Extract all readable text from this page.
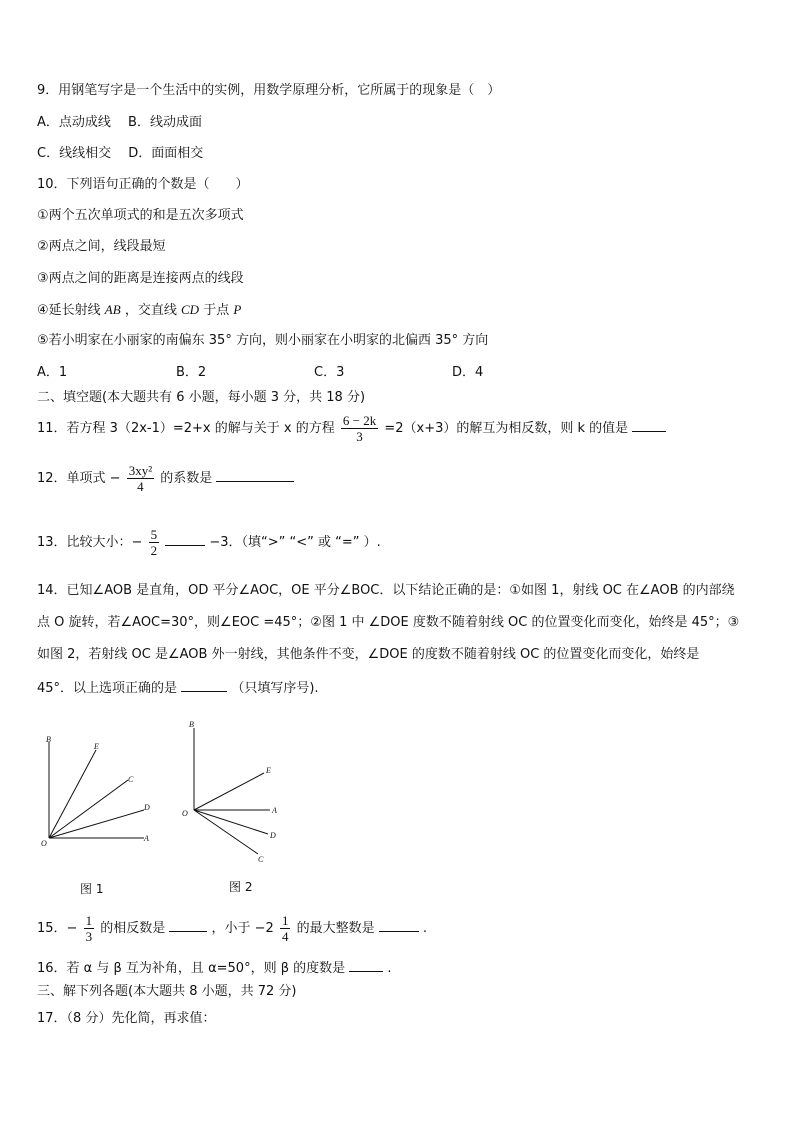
9．用钢笔写字是一个生活中的实例，用数学原理分析，它所属于的现象是（　）
A．点动成线　 B．线动成面
C．线线相交　 D．面面相交
10．下列语句正确的个数是（　　）
①两个五次单项式的和是五次多项式
②两点之间，线段最短
③两点之间的距离是连接两点的线段
④延长射线 AB ，交直线 CD 于点 P
⑤若小明家在小丽家的南偏东 35° 方向，则小丽家在小明家的北偏西 35° 方向
A．1	B．2	C．3	D．4
二、填空题(本大题共有 6 小题，每小题 3 分，共 18 分)
11．若方程 3（2x-1）=2+x 的解与关于 x 的方程 $\frac{6 - 2k}{3} =2(x+3)$的解互为相反数，则 k 的值是
12．单项式 − $\frac{\text{3xy²}}{4}$ 的系数是
13．比较大小：− $\frac{5}{2}$	−3．（填“>” “<” 或 “=” ）.
14．已知∠AOB 是直角，OD 平分∠AOC，OE 平分∠BOC．以下结论正确的是：①如图 1，射线 OC 在∠AOB 的内部绕
点 O 旋转，若∠AOC=30°，则∠EOC =45°；②图 1 中 ∠DOE 度数不随着射线 OC 的位置变化而变化，始终是 45°；③
如图 2，若射线 OC 是∠AOB 外一射线，其他条件不变，∠DOE 的度数不随着射线 OC 的位置变化而变化，始终是
45°．以上选项正确的是	（只填写序号).
B
E
C
D
A
O
图 1
B
E
A
D
C
O
图 2
15．− $\frac{1}{3}$ 的相反数是	，小于 $-2 \frac{1}{4}$ 的最大整数是	.
16．若 α 与 β 互为补角，且 α=50°，则 β 的度数是	.
三、解下列各题(本大题共 8 小题，共 72 分)
17．（8 分）先化简，再求值：
